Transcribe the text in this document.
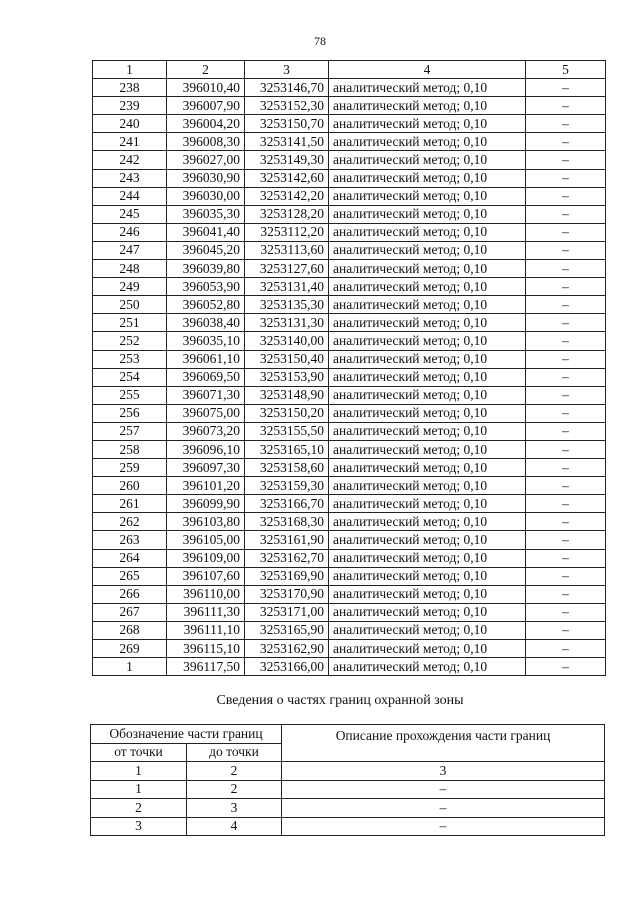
78
1	2	3	4	5
238	396010,40	3253146,70	аналитический метод; 0,10	–
239	396007,90	3253152,30	аналитический метод; 0,10	–
240	396004,20	3253150,70	аналитический метод; 0,10	–
241	396008,30	3253141,50	аналитический метод; 0,10	–
242	396027,00	3253149,30	аналитический метод; 0,10	–
243	396030,90	3253142,60	аналитический метод; 0,10	–
244	396030,00	3253142,20	аналитический метод; 0,10	–
245	396035,30	3253128,20	аналитический метод; 0,10	–
246	396041,40	3253112,20	аналитический метод; 0,10	–
247	396045,20	3253113,60	аналитический метод; 0,10	–
248	396039,80	3253127,60	аналитический метод; 0,10	–
249	396053,90	3253131,40	аналитический метод; 0,10	–
250	396052,80	3253135,30	аналитический метод; 0,10	–
251	396038,40	3253131,30	аналитический метод; 0,10	–
252	396035,10	3253140,00	аналитический метод; 0,10	–
253	396061,10	3253150,40	аналитический метод; 0,10	–
254	396069,50	3253153,90	аналитический метод; 0,10	–
255	396071,30	3253148,90	аналитический метод; 0,10	–
256	396075,00	3253150,20	аналитический метод; 0,10	–
257	396073,20	3253155,50	аналитический метод; 0,10	–
258	396096,10	3253165,10	аналитический метод; 0,10	–
259	396097,30	3253158,60	аналитический метод; 0,10	–
260	396101,20	3253159,30	аналитический метод; 0,10	–
261	396099,90	3253166,70	аналитический метод; 0,10	–
262	396103,80	3253168,30	аналитический метод; 0,10	–
263	396105,00	3253161,90	аналитический метод; 0,10	–
264	396109,00	3253162,70	аналитический метод; 0,10	–
265	396107,60	3253169,90	аналитический метод; 0,10	–
266	396110,00	3253170,90	аналитический метод; 0,10	–
267	396111,30	3253171,00	аналитический метод; 0,10	–
268	396111,10	3253165,90	аналитический метод; 0,10	–
269	396115,10	3253162,90	аналитический метод; 0,10	–
1	396117,50	3253166,00	аналитический метод; 0,10	–
Сведения о частях границ охранной зоны
Обозначение части границ		Описание прохождения части границ
от точки	до точки	
1	2	3
1	2	–
2	3	–
3	4	–
